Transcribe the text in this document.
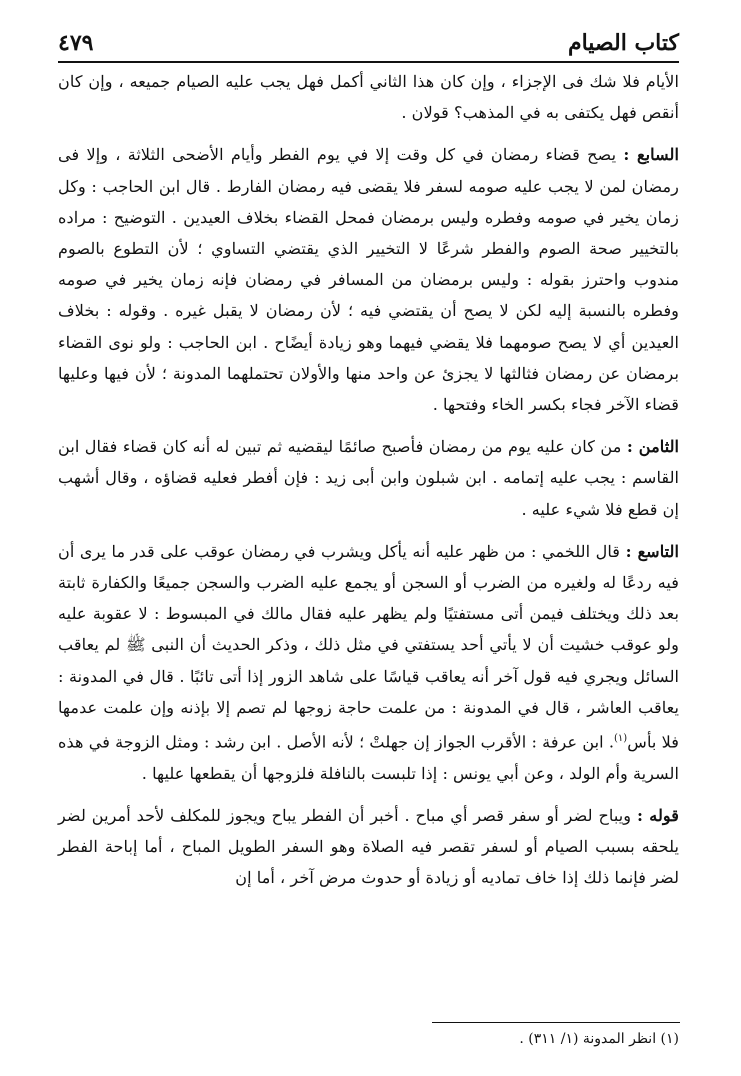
كتاب الصيام
٤٧٩

الأيام فلا شك فى الإجزاء ، وإن كان هذا الثاني أكمل فهل يجب عليه الصيام جميعه ، وإن كان أنقص فهل يكتفى به في المذهب؟ قولان .

السابع : يصح قضاء رمضان في كل وقت إلا في يوم الفطر وأيام الأضحى الثلاثة ، وإلا فى رمضان لمن لا يجب عليه صومه لسفر فلا يقضى فيه رمضان الفارط . قال ابن الحاجب : وكل زمان يخير في صومه وفطره وليس برمضان فمحل القضاء بخلاف العيدين . التوضيح : مراده بالتخيير صحة الصوم والفطر شرعًا لا التخيير الذي يقتضي التساوي ؛ لأن التطوع بالصوم مندوب واحترز بقوله : وليس برمضان من المسافر في رمضان فإنه زمان يخير في صومه وفطره بالنسبة إليه لكن لا يصح أن يقتضي فيه ؛ لأن رمضان لا يقبل غيره . وقوله : بخلاف العيدين أي لا يصح صومهما فلا يقضي فيهما وهو زيادة أيضًاح . ابن الحاجب : ولو نوى القضاء برمضان عن رمضان فثالثها لا يجزئ عن واحد منها والأولان تحتملهما المدونة ؛ لأن فيها وعليها قضاء الآخر فجاء بكسر الخاء وفتحها .

الثامن : من كان عليه يوم من رمضان فأصبح صائمًا ليقضيه ثم تبين له أنه كان قضاء فقال ابن القاسم : يجب عليه إتمامه . ابن شبلون وابن أبى زيد : فإن أفطر فعليه قضاؤه ، وقال أشهب إن قطع فلا شيء عليه .

التاسع : قال اللخمي : من ظهر عليه أنه يأكل ويشرب في رمضان عوقب على قدر ما يرى أن فيه ردعًا له ولغيره من الضرب أو السجن أو يجمع عليه الضرب والسجن جميعًا والكفارة ثابتة بعد ذلك ويختلف فيمن أتى مستفتيًا ولم يظهر عليه فقال مالك في المبسوط : لا عقوبة عليه ولو عوقب خشيت أن لا يأتي أحد يستفتي في مثل ذلك ، وذكر الحديث أن النبى ﷺ لم يعاقب السائل ويجري فيه قول آخر أنه يعاقب قياسًا على شاهد الزور إذا أتى تائبًا . قال في المدونة : يعاقب العاشر ، قال في المدونة : من علمت حاجة زوجها لم تصم إلا بإذنه وإن علمت عدمها فلا بأس$^{(١)}$. ابن عرفة : الأقرب الجواز إن جهلتْ ؛ لأنه الأصل . ابن رشد : ومثل الزوجة في هذه السرية وأم الولد ، وعن أبي يونس : إذا تلبست بالنافلة فلزوجها أن يقطعها عليها .

قوله : ويباح لضر أو سفر قصر أي مباح . أخبر أن الفطر يباح ويجوز للمكلف لأحد أمرين لضر يلحقه بسبب الصيام أو لسفر تقصر فيه الصلاة وهو السفر الطويل المباح ، أما إباحة الفطر لضر فإنما ذلك إذا خاف تماديه أو زيادة أو حدوث مرض آخر ، أما إن

(١) انظر المدونة (١/ ٣١١) .
